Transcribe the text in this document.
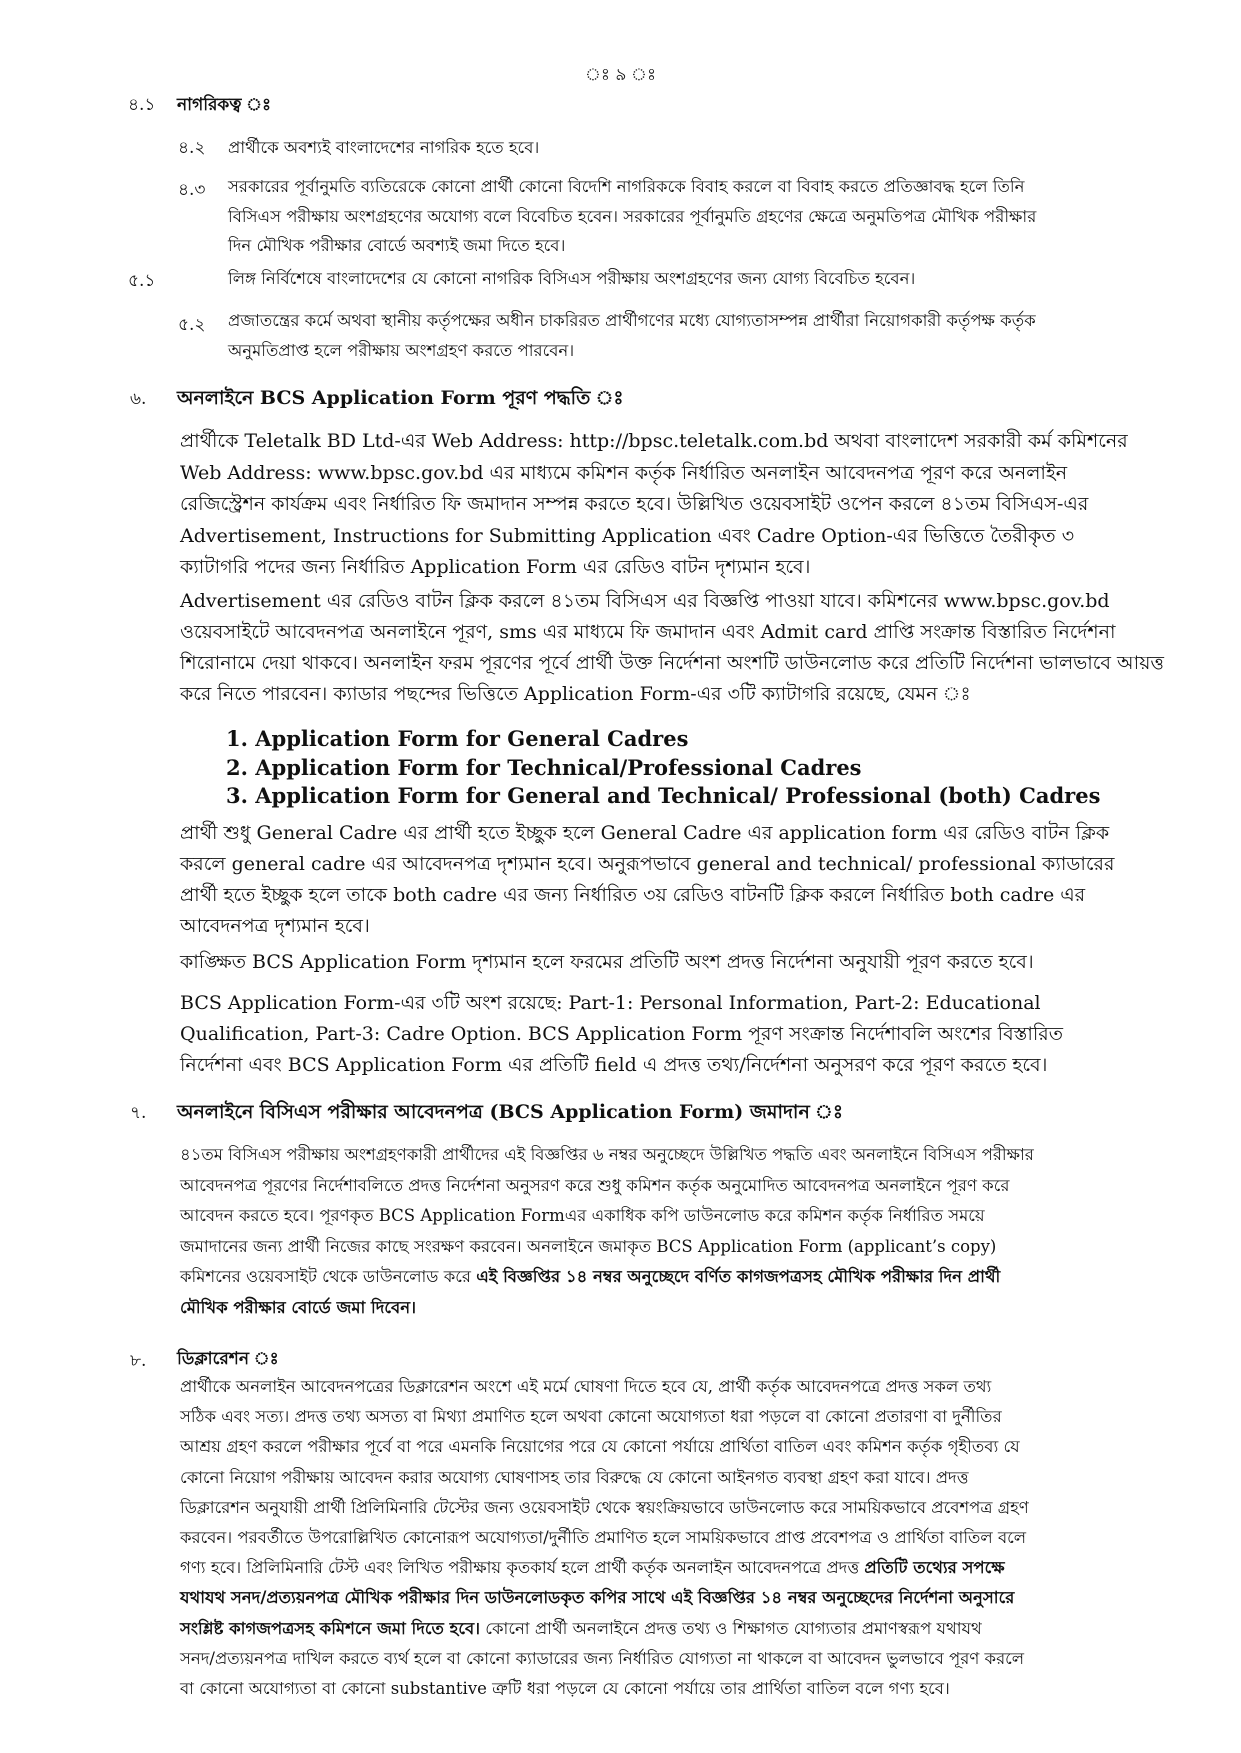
ঃ ৯ ঃ
৪.১ নাগরিকত্ব ঃ
৪.২ প্রার্থীকে অবশ্যই বাংলাদেশের নাগরিক হতে হবে।
৪.৩ সরকারের পূর্বানুমতি ব্যতিরেকে কোনো প্রার্থী কোনো বিদেশি নাগরিককে বিবাহ করলে বা বিবাহ করতে প্রতিজ্ঞাবদ্ধ হলে তিনি
বিসিএস পরীক্ষায় অংশগ্রহণের অযোগ্য বলে বিবেচিত হবেন। সরকারের পূর্বানুমতি গ্রহণের ক্ষেত্রে অনুমতিপত্র মৌখিক পরীক্ষার
দিন মৌখিক পরীক্ষার বোর্ডে অবশ্যই জমা দিতে হবে।
৫.১	লিঙ্গ নির্বিশেষে বাংলাদেশের যে কোনো নাগরিক বিসিএস পরীক্ষায় অংশগ্রহণের জন্য যোগ্য বিবেচিত হবেন।
৫.২ প্রজাতন্ত্রের কর্মে অথবা স্থানীয় কর্তৃপক্ষের অধীন চাকরিরত প্রার্থীগণের মধ্যে যোগ্যতাসম্পন্ন প্রার্থীরা নিয়োগকারী কর্তৃপক্ষ কর্তৃক
অনুমতিপ্রাপ্ত হলে পরীক্ষায় অংশগ্রহণ করতে পারবেন।
৬. অনলাইনে BCS Application Form পূরণ পদ্ধতি ঃ
প্রার্থীকে Teletalk BD Ltd-এর Web Address: http://bpsc.teletalk.com.bd অথবা বাংলাদেশ সরকারী কর্ম কমিশনের
Web Address: www.bpsc.gov.bd এর মাধ্যমে কমিশন কর্তৃক নির্ধারিত অনলাইন আবেদনপত্র পূরণ করে অনলাইন
রেজিস্ট্রেশন কার্যক্রম এবং নির্ধারিত ফি জমাদান সম্পন্ন করতে হবে। উল্লিখিত ওয়েবসাইট ওপেন করলে ৪১তম বিসিএস-এর
Advertisement, Instructions for Submitting Application এবং Cadre Option-এর ভিত্তিতে তৈরীকৃত ৩
ক্যাটাগরি পদের জন্য নির্ধারিত Application Form এর রেডিও বাটন দৃশ্যমান হবে।
Advertisement এর রেডিও বাটন ক্লিক করলে ৪১তম বিসিএস এর বিজ্ঞপ্তি পাওয়া যাবে। কমিশনের www.bpsc.gov.bd
ওয়েবসাইটে আবেদনপত্র অনলাইনে পূরণ, sms এর মাধ্যমে ফি জমাদান এবং Admit card প্রাপ্তি সংক্রান্ত বিস্তারিত নির্দেশনা
শিরোনামে দেয়া থাকবে। অনলাইন ফরম পূরণের পূর্বে প্রার্থী উক্ত নির্দেশনা অংশটি ডাউনলোড করে প্রতিটি নির্দেশনা ভালভাবে আয়ত্ত
করে নিতে পারবেন। ক্যাডার পছন্দের ভিত্তিতে Application Form-এর ৩টি ক্যাটাগরি রয়েছে, যেমন ঃ
1. Application Form for General Cadres
2. Application Form for Technical/Professional Cadres
3. Application Form for General and Technical/ Professional (both) Cadres
প্রার্থী শুধু General Cadre এর প্রার্থী হতে ইচ্ছুক হলে General Cadre এর application form এর রেডিও বাটন ক্লিক
করলে general cadre এর আবেদনপত্র দৃশ্যমান হবে। অনুরূপভাবে general and technical/ professional ক্যাডারের
প্রার্থী হতে ইচ্ছুক হলে তাকে both cadre এর জন্য নির্ধারিত ৩য় রেডিও বাটনটি ক্লিক করলে নির্ধারিত both cadre এর
আবেদনপত্র দৃশ্যমান হবে।
কাঙ্ক্ষিত BCS Application Form দৃশ্যমান হলে ফরমের প্রতিটি অংশ প্রদত্ত নির্দেশনা অনুযায়ী পূরণ করতে হবে।
BCS Application Form-এর ৩টি অংশ রয়েছে: Part-1: Personal Information, Part-2: Educational
Qualification, Part-3: Cadre Option. BCS Application Form পূরণ সংক্রান্ত নির্দেশাবলি অংশের বিস্তারিত
নির্দেশনা এবং BCS Application Form এর প্রতিটি field এ প্রদত্ত তথ্য/নির্দেশনা অনুসরণ করে পূরণ করতে হবে।
৭. অনলাইনে বিসিএস পরীক্ষার আবেদনপত্র (BCS Application Form) জমাদান ঃ
৪১তম বিসিএস পরীক্ষায় অংশগ্রহণকারী প্রার্থীদের এই বিজ্ঞপ্তির ৬ নম্বর অনুচ্ছেদে উল্লিখিত পদ্ধতি এবং অনলাইনে বিসিএস পরীক্ষার
আবেদনপত্র পূরণের নির্দেশাবলিতে প্রদত্ত নির্দেশনা অনুসরণ করে শুধু কমিশন কর্তৃক অনুমোদিত আবেদনপত্র অনলাইনে পূরণ করে
আবেদন করতে হবে। পূরণকৃত BCS Application Formএর একাধিক কপি ডাউনলোড করে কমিশন কর্তৃক নির্ধারিত সময়ে
জমাদানের জন্য প্রার্থী নিজের কাছে সংরক্ষণ করবেন। অনলাইনে জমাকৃত BCS Application Form (applicant’s copy)
কমিশনের ওয়েবসাইট থেকে ডাউনলোড করে এই বিজ্ঞপ্তির ১৪ নম্বর অনুচ্ছেদে বর্ণিত কাগজপত্রসহ মৌখিক পরীক্ষার দিন প্রার্থী
মৌখিক পরীক্ষার বোর্ডে জমা দিবেন।
৮. ডিক্লারেশন ঃ
প্রার্থীকে অনলাইন আবেদনপত্রের ডিক্লারেশন অংশে এই মর্মে ঘোষণা দিতে হবে যে, প্রার্থী কর্তৃক আবেদনপত্রে প্রদত্ত সকল তথ্য
সঠিক এবং সত্য। প্রদত্ত তথ্য অসত্য বা মিথ্যা প্রমাণিত হলে অথবা কোনো অযোগ্যতা ধরা পড়লে বা কোনো প্রতারণা বা দুর্নীতির
আশ্রয় গ্রহণ করলে পরীক্ষার পূর্বে বা পরে এমনকি নিয়োগের পরে যে কোনো পর্যায়ে প্রার্থিতা বাতিল এবং কমিশন কর্তৃক গৃহীতব্য যে
কোনো নিয়োগ পরীক্ষায় আবেদন করার অযোগ্য ঘোষণাসহ তার বিরুদ্ধে যে কোনো আইনগত ব্যবস্থা গ্রহণ করা যাবে। প্রদত্ত
ডিক্লারেশন অনুযায়ী প্রার্থী প্রিলিমিনারি টেস্টের জন্য ওয়েবসাইট থেকে স্বয়ংক্রিয়ভাবে ডাউনলোড করে সাময়িকভাবে প্রবেশপত্র গ্রহণ
করবেন। পরবর্তীতে উপরোল্লিখিত কোনোরূপ অযোগ্যতা/দুর্নীতি প্রমাণিত হলে সাময়িকভাবে প্রাপ্ত প্রবেশপত্র ও প্রার্থিতা বাতিল বলে
গণ্য হবে। প্রিলিমিনারি টেস্ট এবং লিখিত পরীক্ষায় কৃতকার্য হলে প্রার্থী কর্তৃক অনলাইন আবেদনপত্রে প্রদত্ত প্রতিটি তথ্যের সপক্ষে
যথাযথ সনদ/প্রত্যয়নপত্র মৌখিক পরীক্ষার দিন ডাউনলোডকৃত কপির সাথে এই বিজ্ঞপ্তির ১৪ নম্বর অনুচ্ছেদের নির্দেশনা অনুসারে
সংশ্লিষ্ট কাগজপত্রসহ কমিশনে জমা দিতে হবে। কোনো প্রার্থী অনলাইনে প্রদত্ত তথ্য ও শিক্ষাগত যোগ্যতার প্রমাণস্বরূপ যথাযথ
সনদ/প্রত্যয়নপত্র দাখিল করতে ব্যর্থ হলে বা কোনো ক্যাডারের জন্য নির্ধারিত যোগ্যতা না থাকলে বা আবেদন ভুলভাবে পূরণ করলে
বা কোনো অযোগ্যতা বা কোনো substantive ত্রুটি ধরা পড়লে যে কোনো পর্যায়ে তার প্রার্থিতা বাতিল বলে গণ্য হবে।
